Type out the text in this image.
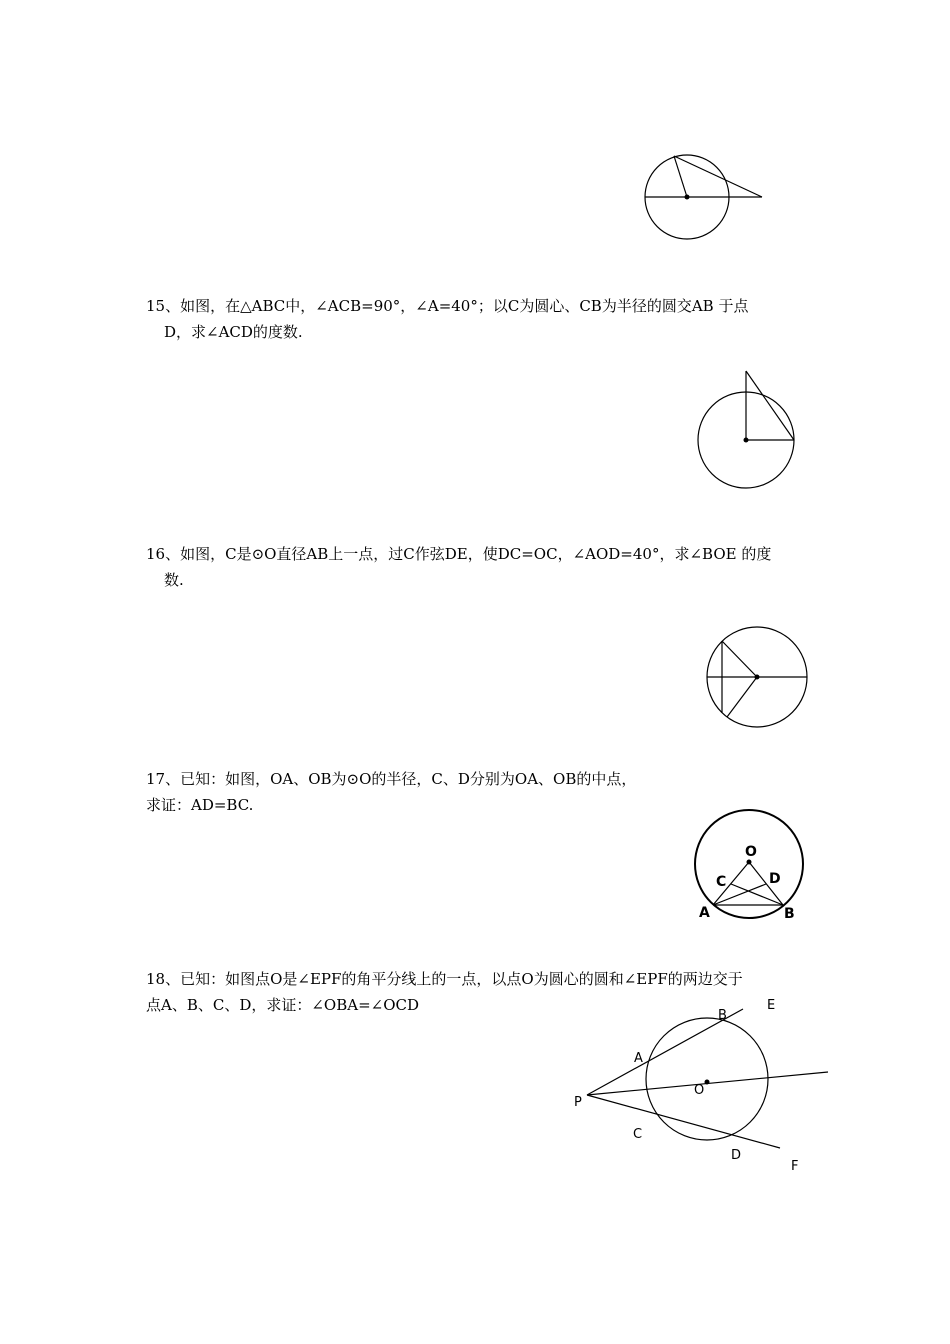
15、如图，在△ABC中，∠ACB=90°，∠A=40°；以C为圆心、CB为半径的圆交AB 于点
D，求∠ACD的度数.

16、如图，C是⊙O直径AB上一点，过C作弦DE，使DC=OC，∠AOD=40°，求∠BOE 的度
数.

17、已知：如图，OA、OB为⊙O的半径，C、D分别为OA、OB的中点，
求证：AD=BC.

O
C	D
A	B

18、已知：如图点O是∠EPF的角平分线上的一点，以点O为圆心的圆和∠EPF的两边交于
点A、B、C、D，求证：∠OBA=∠OCD

B
E
A
P
O
C
D
F
